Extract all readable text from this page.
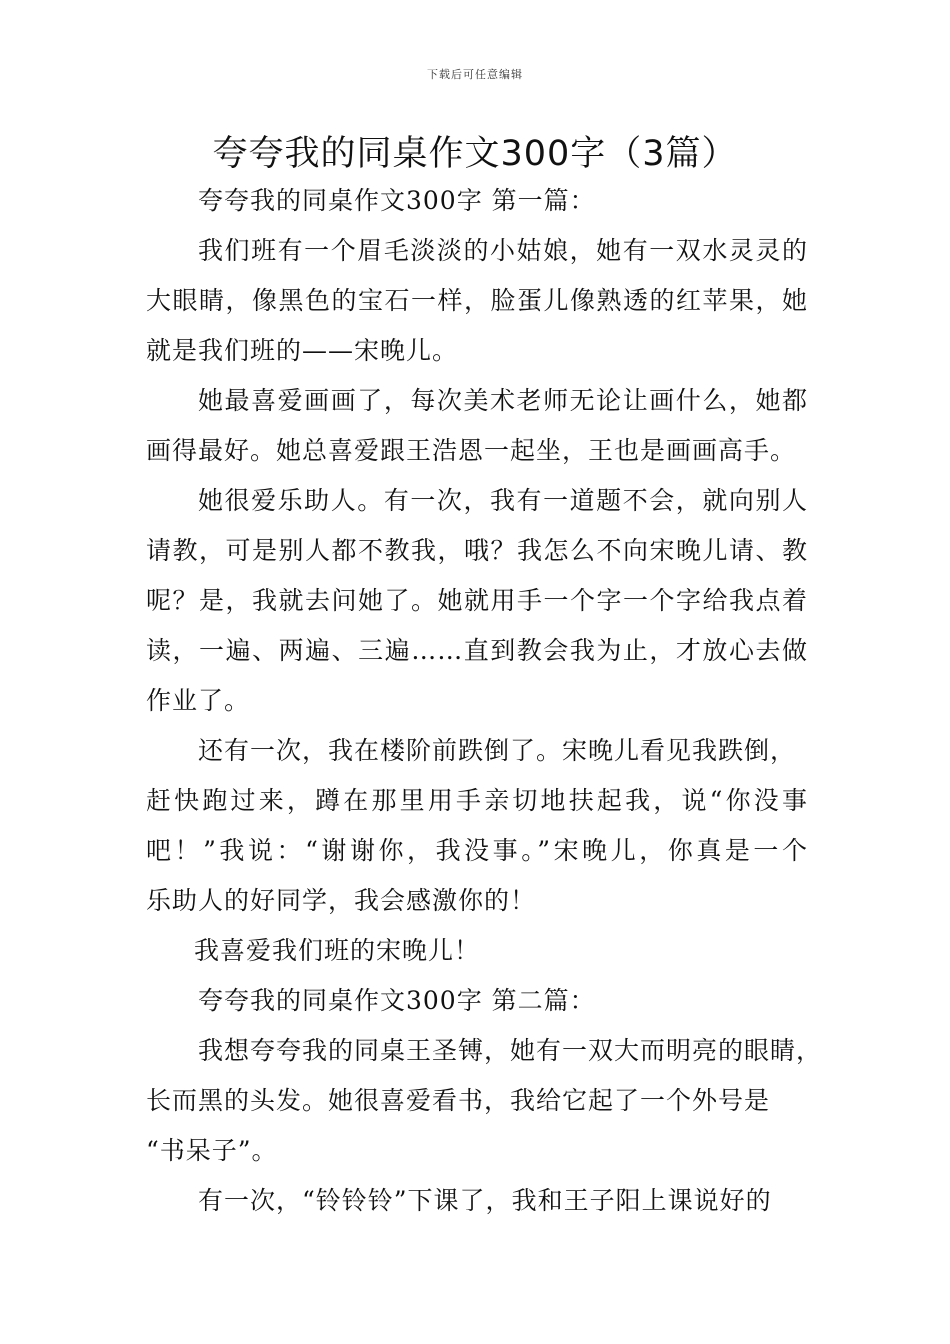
下载后可任意编辑
夸夸我的同桌作文300字（3篇）
夸夸我的同桌作文300字 第一篇：
我们班有一个眉毛淡淡的小姑娘，她有一双水灵灵的
大眼睛，像黑色的宝石一样，脸蛋儿像熟透的红苹果，她
就是我们班的——宋晚儿。
她最喜爱画画了，每次美术老师无论让画什么，她都
画得最好。她总喜爱跟王浩恩一起坐，王也是画画高手。
她很爱乐助人。有一次，我有一道题不会，就向别人
请教，可是别人都不教我，哦？我怎么不向宋晚儿请、教
呢？是，我就去问她了。她就用手一个字一个字给我点着
读，一遍、两遍、三遍……直到教会我为止，才放心去做
作业了。
还有一次，我在楼阶前跌倒了。宋晚儿看见我跌倒，
赶快跑过来，蹲在那里用手亲切地扶起我，说“你没事
吧！”我说：“谢谢你，我没事。”宋晚儿，你真是一个
乐助人的好同学，我会感激你的！
我喜爱我们班的宋晚儿！
夸夸我的同桌作文300字 第二篇：
我想夸夸我的同桌王圣镈，她有一双大而明亮的眼睛，
长而黑的头发。她很喜爱看书，我给它起了一个外号是
“书呆子”。
有一次，“铃铃铃”下课了，我和王子阳上课说好的
